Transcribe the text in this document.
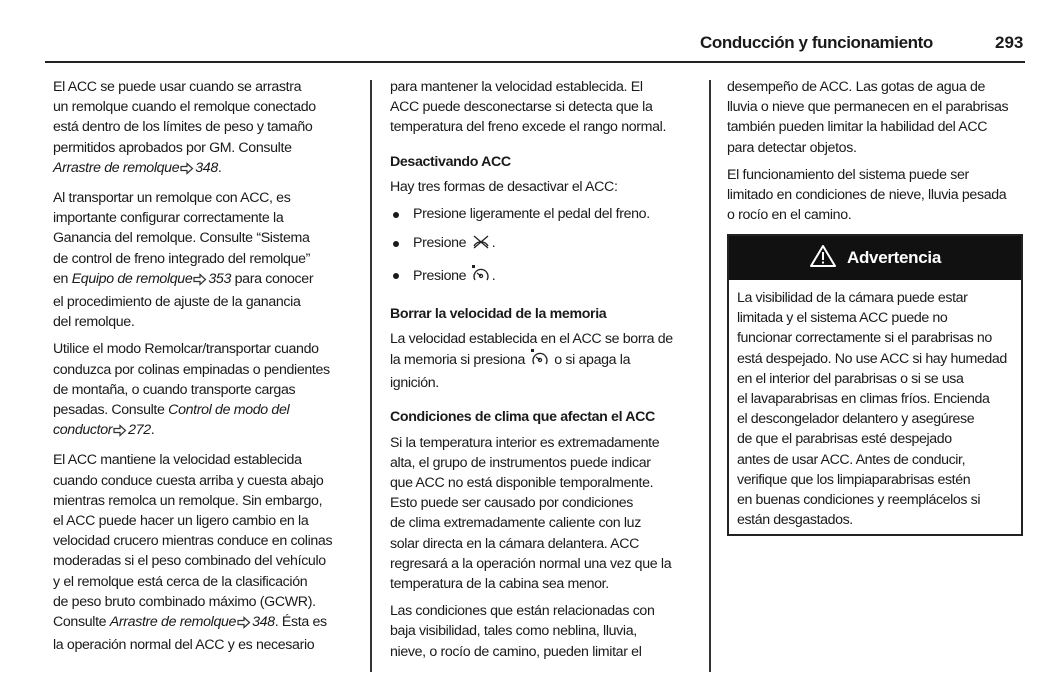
Conducción y funcionamiento	293
El ACC se puede usar cuando se arrastra
un remolque cuando el remolque conectado
está dentro de los límites de peso y tamaño
permitidos aprobados por GM. Consulte
Arrastre de remolque 348.
Al transportar un remolque con ACC, es
importante configurar correctamente la
Ganancia del remolque. Consulte “Sistema
de control de freno integrado del remolque”
en Equipo de remolque 353 para conocer
el procedimiento de ajuste de la ganancia
del remolque.
Utilice el modo Remolcar/transportar cuando
conduzca por colinas empinadas o pendientes
de montaña, o cuando transporte cargas
pesadas. Consulte Control de modo del
conductor 272.
El ACC mantiene la velocidad establecida
cuando conduce cuesta arriba y cuesta abajo
mientras remolca un remolque. Sin embargo,
el ACC puede hacer un ligero cambio en la
velocidad crucero mientras conduce en colinas
moderadas si el peso combinado del vehículo
y el remolque está cerca de la clasificación
de peso bruto combinado máximo (GCWR).
Consulte Arrastre de remolque 348. Ésta es
la operación normal del ACC y es necesario
para mantener la velocidad establecida. El
ACC puede desconectarse si detecta que la
temperatura del freno excede el rango normal.
Desactivando ACC
Hay tres formas de desactivar el ACC:
Presione ligeramente el pedal del freno.
Presione .
Presione .
Borrar la velocidad de la memoria
La velocidad establecida en el ACC se borra de
la memoria si presiona  o si apaga la
ignición.
Condiciones de clima que afectan el ACC
Si la temperatura interior es extremadamente
alta, el grupo de instrumentos puede indicar
que ACC no está disponible temporalmente.
Esto puede ser causado por condiciones
de clima extremadamente caliente con luz
solar directa en la cámara delantera. ACC
regresará a la operación normal una vez que la
temperatura de la cabina sea menor.
Las condiciones que están relacionadas con
baja visibilidad, tales como neblina, lluvia,
nieve, o rocío de camino, pueden limitar el
desempeño de ACC. Las gotas de agua de
lluvia o nieve que permanecen en el parabrisas
también pueden limitar la habilidad del ACC
para detectar objetos.
El funcionamiento del sistema puede ser
limitado en condiciones de nieve, lluvia pesada
o rocío en el camino.
Advertencia
La visibilidad de la cámara puede estar
limitada y el sistema ACC puede no
funcionar correctamente si el parabrisas no
está despejado. No use ACC si hay humedad
en el interior del parabrisas o si se usa
el lavaparabrisas en climas fríos. Encienda
el descongelador delantero y asegúrese
de que el parabrisas esté despejado
antes de usar ACC. Antes de conducir,
verifique que los limpiaparabrisas estén
en buenas condiciones y reemplácelos si
están desgastados.
